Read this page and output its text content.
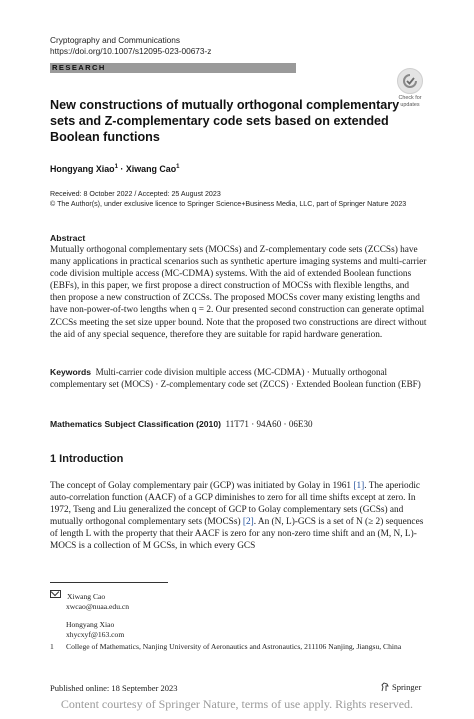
Cryptography and Communications
https://doi.org/10.1007/s12095-023-00673-z
RESEARCH
Check for
updates
New constructions of mutually orthogonal complementary sets and Z-complementary code sets based on extended Boolean functions
Hongyang Xiao$^1$ · Xiwang Cao$^1$
Received: 8 October 2022 / Accepted: 25 August 2023
© The Author(s), under exclusive licence to Springer Science+Business Media, LLC, part of Springer Nature 2023
Abstract
Mutually orthogonal complementary sets (MOCSs) and Z-complementary code sets (ZCCSs) have many applications in practical scenarios such as synthetic aperture imaging systems and multi-carrier code division multiple access (MC-CDMA) systems. With the aid of extended Boolean functions (EBFs), in this paper, we first propose a direct construction of MOCSs with flexible lengths, and then propose a new construction of ZCCSs. The proposed MOCSs cover many existing lengths and have non-power-of-two lengths when q = 2. Our presented second construction can generate optimal ZCCSs meeting the set size upper bound. Note that the proposed two constructions are direct without the aid of any special sequence, therefore they are suitable for rapid hardware generation.
Keywords Multi-carrier code division multiple access (MC-CDMA) · Mutually orthogonal complementary set (MOCS) · Z-complementary code set (ZCCS) · Extended Boolean function (EBF)
Mathematics Subject Classification (2010) 11T71 · 94A60 · 06E30
1 Introduction
The concept of Golay complementary pair (GCP) was initiated by Golay in 1961 [1]. The aperiodic auto-correlation function (AACF) of a GCP diminishes to zero for all time shifts except at zero. In 1972, Tseng and Liu generalized the concept of GCP to Golay complementary sets (GCSs) and mutually orthogonal complementary sets (MOCSs) [2]. An (N, L)-GCS is a set of N (≥ 2) sequences of length L with the property that their AACF is zero for any non-zero time shift and an (M, N, L)-MOCS is a collection of M GCSs, in which every GCS
Xiwang Cao
xwcao@nuaa.edu.cn
Hongyang Xiao
xhycxyf@163.com
1 College of Mathematics, Nanjing University of Aeronautics and Astronautics, 211106 Nanjing, Jiangsu, China
Published online: 18 September 2023	Springer
Content courtesy of Springer Nature, terms of use apply. Rights reserved.
